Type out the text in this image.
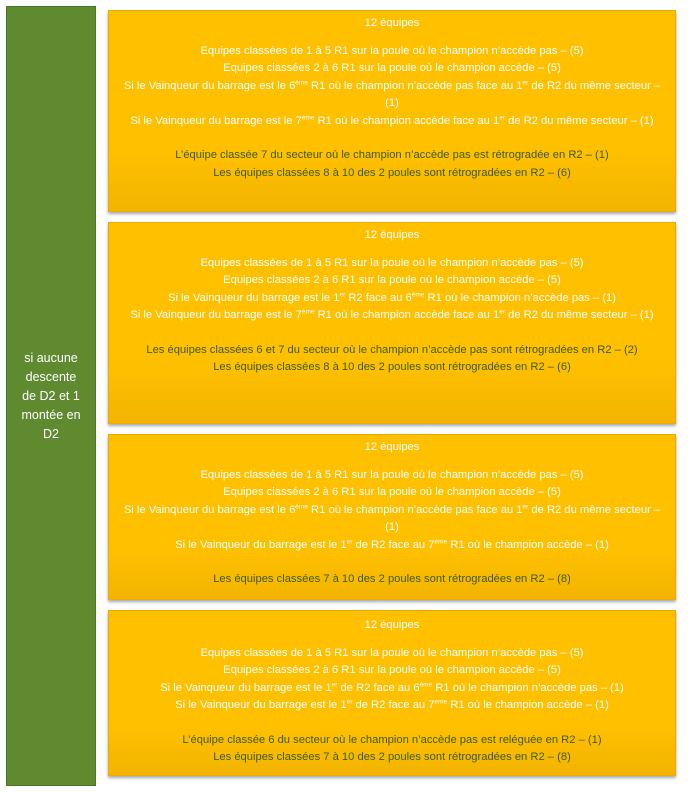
si aucune
descente
de D2 et 1
montée en
D2
12 équipes

Equipes classées de 1 à 5 R1 sur la poule où le champion n’accède pas – (5)

Equipes classées 2 à 6 R1 sur la poule où le champion accède – (5)

Si le Vainqueur du barrage est le 6ème R1 où le champion n’accède pas face au 1er de R2 du même secteur – (1)

Si le Vainqueur du barrage est le 7ème R1 où le champion accède face au 1er de R2 du même secteur – (1)

L’équipe classée 7 du secteur où le champion n’accède pas est rétrogradée en R2 – (1)

Les équipes classées 8 à 10 des 2 poules sont rétrogradées en R2 – (6)

12 équipes

Equipes classées de 1 à 5 R1 sur la poule où le champion n’accède pas – (5)

Equipes classées 2 à 6 R1 sur la poule où le champion accède – (5)

Si le Vainqueur du barrage est le 1er R2 face au 6ème R1 où le champion n’accède pas – (1)

Si le Vainqueur du barrage est le 7ème R1 où le champion accède face au 1er de R2 du même secteur – (1)

Les équipes classées 6 et 7 du secteur où le champion n’accède pas sont rétrogradées en R2 – (2)

Les équipes classées 8 à 10 des 2 poules sont rétrogradées en R2 – (6)

12 équipes

Equipes classées de 1 à 5 R1 sur la poule où le champion n’accède pas – (5)

Equipes classées 2 à 6 R1 sur la poule où le champion accède – (5)

Si le Vainqueur du barrage est le 6ème R1 où le champion n’accède pas face au 1er de R2 du même secteur – (1)

Si le Vainqueur du barrage est le 1er de R2 face au 7ème R1 où le champion accède – (1)

Les équipes classées 7 à 10 des 2 poules sont rétrogradées en R2 – (8)

12 équipes

Equipes classées de 1 à 5 R1 sur la poule où le champion n’accède pas – (5)

Equipes classées 2 à 6 R1 sur la poule où le champion accède – (5)

Si le Vainqueur du barrage est le 1er de R2 face au 6ème R1 où le champion n’accède pas – (1)

Si le Vainqueur du barrage est le 1er de R2 face au 7ème R1 où le champion accède – (1)

L’équipe classée 6 du secteur où le champion n’accède pas est reléguée en R2 – (1)

Les équipes classées 7 à 10 des 2 poules sont rétrogradées en R2 – (8)
